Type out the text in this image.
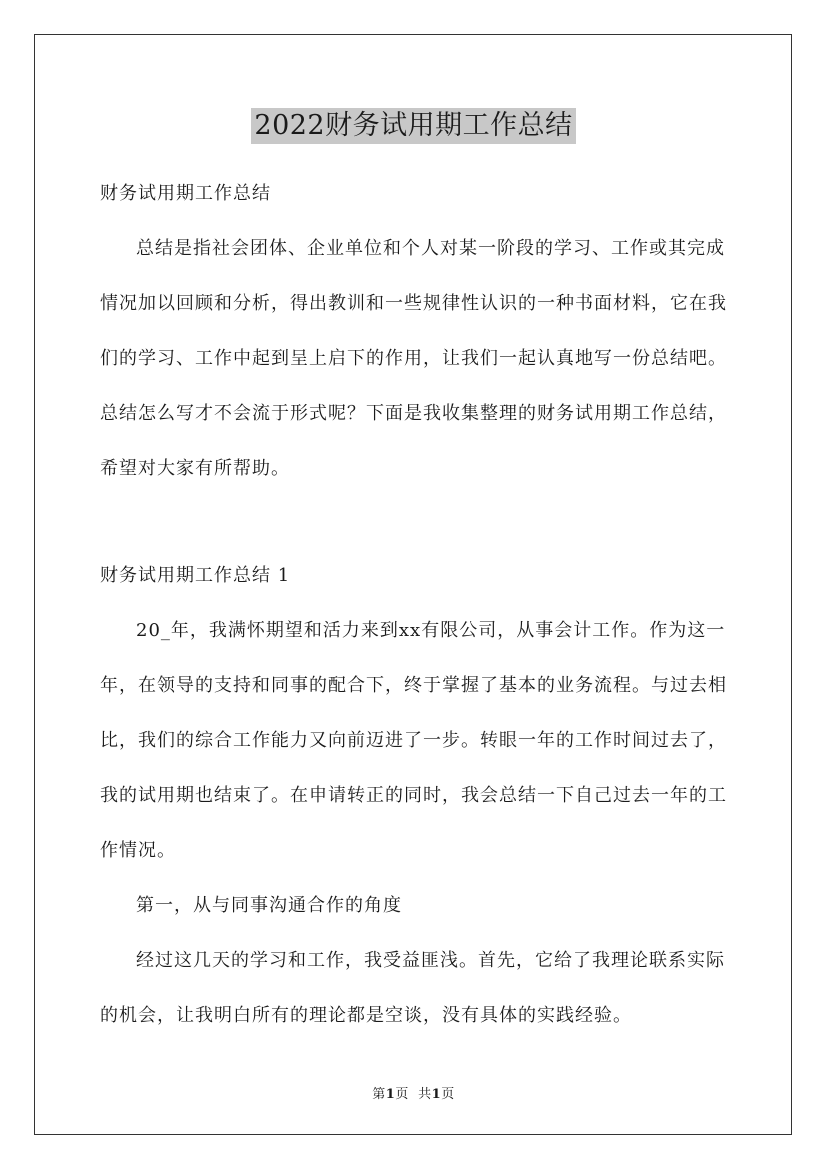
2022财务试用期工作总结

财务试用期工作总结

总结是指社会团体、企业单位和个人对某一阶段的学习、工作或其完成情况加以回顾和分析，得出教训和一些规律性认识的一种书面材料，它在我们的学习、工作中起到呈上启下的作用，让我们一起认真地写一份总结吧。总结怎么写才不会流于形式呢？下面是我收集整理的财务试用期工作总结，希望对大家有所帮助。

财务试用期工作总结 1

20_年，我满怀期望和活力来到xx有限公司，从事会计工作。作为这一年，在领导的支持和同事的配合下，终于掌握了基本的业务流程。与过去相比，我们的综合工作能力又向前迈进了一步。转眼一年的工作时间过去了，我的试用期也结束了。在申请转正的同时，我会总结一下自己过去一年的工作情况。

第一，从与同事沟通合作的角度

经过这几天的学习和工作，我受益匪浅。首先，它给了我理论联系实际的机会，让我明白所有的理论都是空谈，没有具体的实践经验。

第1页 共1页
